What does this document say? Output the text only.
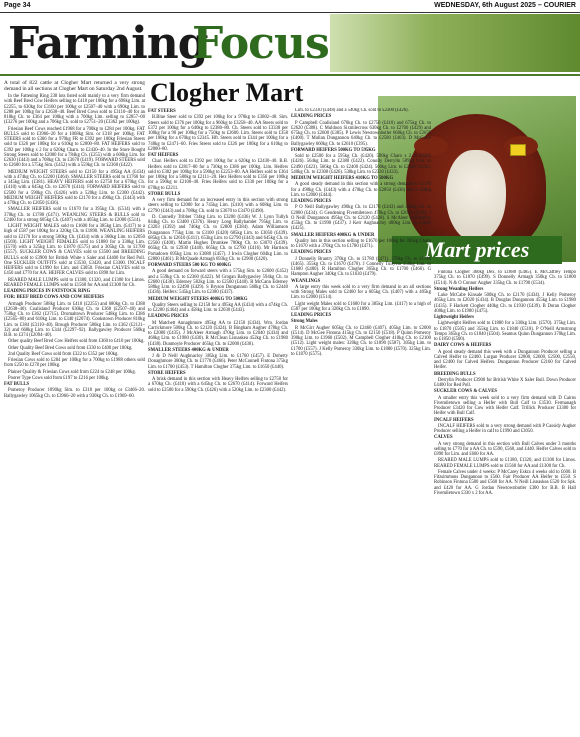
Page 34	WEDNESDAY, 6th August 2025 – COURIER
Farming
Focus
Clogher Mart
Mart prices

A total of 822 cattle at Clogher Mart returned a very strong demand in all sections at Clogher Mart on Saturday 2nd August.

In the Fattening Ring 238 lots listed sold mainly to a very firm demand with Beef Bred Cow Heifers selling to £410 per 100kg for a 698kg Lim. at £2255, to 630kg for £3160 per 100kg or £2507–40 with a 690kg Lim. to £288 per 100kg for a £2638–40. Beef Bred Cows sold to £3110–40 for an 818kg Ch. to £364 per 100kg with a 700kg Lim. selling to £2857–00 (£3276 per 100kg and a 706kg Ch. sold to £2751–20 (£3362 per 100kg).

Friesian Beef Cows reached £1968 for a 700kg to £284 per 100kg. FAT BULLS sold to £3966–20 for a 1068kg Sim. or £318 per 100kg. FAT STEERS sold to £366 for a 970kg FR to £392 per 100kg Friesian Steers sold to £326 per 100kg for a 610kg to £2000–80. FAT HEIFERS sold to £392 per 100kg x 2 for a 620kg Charo. to £2430–40. In the Store Bought Strong Steers sold to £2000 for a 784kg Ch. (£255) with a 606kg Lim. for £2630 (£443) and a 708kg Ch. to £3670 (£419). FORWARD STEERS sold to £2600 for a 575kg Sim. (£452) with a 559kg Ch. to £2360 (£422).

MEDIUM WEIGHT STEERS sold to £2150 for a 495kg AA (£434) with a 474kg Ch. to £2200 (£464). SMALLER STEERS sold to £1760 for a 345kg Lim. (£381). HEAVY HEIFERS sold to £2750 for a 670kg Ch. (£410) with a 645kg Ch. to £2670 (£414). FORWARD HEIFERS sold to £2500 for a 590kg Ch. (£426) with a 520kg Lim. to £2300 (£442). MEDIUM WEIGHT HEIFERS sold to £2170 for a 490kg Ch. (£443) with a 470kg Ch. to £2050 (£436).

SMALLER HEIFERS sold to £1670 for a 395kg Ch. (£514) with a 370kg Ch. to £1780 (£471). WEANLING STEERS & BULLS sold to £2460 for a strong 605kg Ch. (£407) with a 405kg Lim. to £2000 (£514).

LIGHT WEIGHT MALES sold to £1600 for a 385kg Lim. (£417) to a high of £587 per 100kg for a 320kg Ch. to £1890. WEANLING HEIFERS sold to £2170 for a strong 500kg Ch. (£434) with a 360kg Lim. to £2050 (£569). LIGHT WEIGHT FEMALES sold to £1880 for a 330kg Lim. (£570) with a 325kg Lim. to £1870 (£575) and a 305kg Ch. to £1700 (£557). SUCKLER COWS & CALVES sold to £3500 and BREEDING BULLS sold to £3900 for British White x Saler and £4400 for Red Poll. One SUCKLER OUTFITS sold at £3530, £3420, and £3300. INCALF HEIFERS sold to £1990 for Lim. and £3050. Friesian CALVES sold to £450 and £770 for AA. HEIFER CALVES sold to £890 for Lim.

REARED MALE LUMPS sold to £1380, £1320, and £1300 for Limos. REARED FEMALE LUMPS sold to £1560 for AA and £1300 for Ch.

LEADING PRICES IN FATSTOCK RING

FOR: BEEF BRED COWS AND COW HEIFERS

Armagh Producer 588kg Lim. to £410 (£2255) and 680kg Ch. to £388 (£2638–40). Coalisland Producer 630kg Ch. to £368 (£2507–40) and 750kg Ch. to £362 (£2715). Dromaltown Producer 548kg Lim. to £386 (£2565–80) and 610kg Lim. to £340 (£2074). Cookstown Producer 810kg Lim. to £384 (£3110–40). Brough Producer 586kg Lim. to £362 (£2121–32) and 668kg Lim. to £344 (£2297–92). Ballygawley Producer 560kg B.B. to £374 (£2094–40).

Other quality Beef Bred Cow Heifers sold from £360 to £410 per 100kg.

Other Quality Beef Bred Cows sold from £330 to £400 per 100kg.

2nd Quality Beef Cows sold from £322 to £352 per 100kg.

Friesian Cows sold to £284 per 100kg for a 700kg to £1988 others sold from £250 to £278 per 100kg.

Plainer Quality & Friesian Cows sold from £224 to £248 per 100kg.

Poorer Type Cows sold from £197 to £216 per 100kg.

FAT BULLS

Pomeroy Producer 1090kg Sim. to £318 per 100kg or £3466–20. Ballygawley 1065kg Ch. to £3966–20 with a 930kg Ch. to £1969–60.

FAT STEERS

B.Blue Steer sold to £392 per 100kg for a 970kg to £3802–40. Sim. Steers sold to £376 per 100kg for a 960kg to £3258–40. AA Steers sold to £372 per 100kg for a 640kg to £2380–80. Ch. Steers sold to £3338 per 100kg for a 90 per 100kg for a 750kg to £2600. Lim. Steers sold to £358 per 100kg for a 670kg to £2345. Hfr. Steers sold to £344 per 100kg for a 748kg to £2471–60. Fries Steers sold to £326 per 100kg for a 610kg to £2000–80.

FAT HEIFERS

Char. Heifers sold to £392 per 100kg for a 620kg to £2430–40. B.B. Heifers sold to £2817–80 for a 730kg to £386 per 100kg. Lim. Heifers sold to £382 per 100kg for a 590kg to £2253–80. AA Heifers sold to £364 per 100kg for a 580kg to £2111–20. Hex Heifers sold to £356 per 100kg for a 590kg to £2100–40. Fries Heifers sold to £330 per 100kg for a 670kg to £2211.

STORE BULLS

A very firm demand for an increased entry in this section with strong steers selling to £2000 for a 745kg Lim. (£410) with a 608kg Lim. to £2790 (£443) and a 708kg Ch. sold to £3670 to £3470 (£490).

D. Connelly Tribbet 734kg Lim. to £3200 (£436) W. J. Lynn Tullyh 844kg Ch. to £3400 (£376). Henry Long Ballyhamlet 795kg Lim. to £3203 (£392) and 746kg Ch. to £2800 (£384). Adam Williamson Dungannon 775kg Lim. to £3100 (£420) 685kg Lim. to £3050 (£439). 685kg Ch. to £2610 (£411). 653kg Lim. to £2790 (£443) and 645kg Ch. to £2560 (£400). Martin Hughes Drumkee 700kg Ch. to £3070 (£439). 665kg Ch. to £2930 (£440). 665kg Ch. to £2760 (£416). Mr Harrison Portadown 695kg Lim. to £3080 (£457). J Irwin Clogher 604kg Lim. to £2800 (£461). B McQuade Armagh 693kg Ch. to £2900 (£420).

FORWARD STEERS 500 KG TO 600KG

A good demand on forward steers with a 575kg Sim. to £2600 (£452) and a 559kg Ch. to £2360 (£422). M Grogan Ballygawley 594kg Ch. to £2600 (£438). Ederney 582kg Lim. to £2560 (£440). R McCann Ederney 580kg Lim. to £2490 (£429). S Bryson Dungannon 560kg Ch. to £2440 (£436). Heifers: 545kg Lim. to £2380 (£437).

MEDIUM WEIGHT STEERS 400KG TO 500KG

Quality Steers selling to £2150 for a 495kg AA (£434) with a 474kg Ch. to £2200 (£464) and a 458kg Lim. to £2030 (£443).

LEADING PRICES

M Matchett Annaghmore 495kg AA to £2150 (£434). Wm. Jordan Carrickmore 500kg Ch. to £2120 (£424). B Bingham Augher 478kg Ch. to £2080 (£435). J McAleer Armagh 470kg Lim. to £2040 (£434) and 460kg Lim. to £1980 (£430). R McClean Lisnaskea 452kg Ch. to £1980 (£438). Dunmoyle Producer 465kg Ch. to £2000 (£430).

SMALLER STEERS 400KG & UNDER

J & D Neill Aughnacloy 385kg Lim. to £1760 (£457). E Doherty Donaghmore 380kg Ch. to £1770 (£466). Peter McConnell Fintona 375kg Lim. to £1700 (£453). T Hamilton Clogher 375kg Lim. to £1650 (£440).

STORE HEIFERS

A brisk demand in this section with Heavy Heifers selling to £2750 for a 670kg Ch. (£410) with a 645kg Ch. to £2670 (£414). Forward Heifers sold to £2500 for a 590kg Ch. (£426) with a 520kg Lim. to £2300 (£442).

Lim. to £2330 (£448) and a 540kg Ch. sold to £2300 (£426).

LEADING PRICES

P Campbell Coalisland 670kg Ch. to £2750 (£410) and 675kg Ch. to £2620 (£388). C Muldoon Sixmilecross 630kg Ch. to £2700 (£429) and 675kg Ch. to £2600 (£385). P Lewis Newtownbutler 668kg Ch. to £2670 (£400). T Mullan Dungannon 640kg Ch. to £2580 (£403). D McGuire Ballygawley 660kg Ch. to £2610 (£395).

FORWARD HEIFERS 500KG TO 595KG

Sold to £2500 for a 595kg Ch. (£420). 590kg Charo x 2 to £2500 (£426). 564kg Lim. to £2380 (£422). Conolly Derrylin 589kg Lim. to £2490 (£423). 566kg Ch. to £2400 (£424). 560kg Lim. to £2420 (£432). 540kg Ch. to £2300 (£426). 538kg Lim. to £2330 (£433).

MEDIUM WEIGHT HEIFERS 410KG TO 500KG

A good steady demand in this section with a strong demand to £2170 for a 490kg Ch. (£443) with a 470kg Ch. to £2050 (£436) and a 450kg Lim. to £2000 (£444).

LEADING PRICES

P O Neill Ballygawley 490kg Ch. to £2170 (£443) and 460kg Ch. to £2000 (£434). G Gendening Fivemiletown 470kg Ch. to £2050 (£436). J O Neill Dungannon 495kg Ch. to £2120 (£428). S McAleer Ballinderry 455kg Ch. to £1990 (£437). J Kerr Aughnacloy 480kg Lim. to £2040 (£425).

SMALLER HEIFERS 400KG & UNDER

Quality lots in this section selling to £1670 per 100kg for 395kg Charo to £1670 with a 370kg Ch. to £1780 (£471).

LEADING PRICES

J Donnelly Brantry 370kg Ch. to £1780 (£471). 370kg Ch. to £1720 (£465). 355kg Ch. to £1670 (£470). J Connelly Tullyvar 350kg Lim. to £1680 (£480). R Hamilton Clogher 365kg Ch. to £1700 (£466). G Hampton Augher 340kg Ch. to £1630 (£479).

WEANLINGS

A large entry this week sold to a very firm demand in an all sections with Strong Males sold to £2460 for a 605kg Ch. (£407) with a 405kg Lim. to £2000 (£514).

Light weight Males sold to £1600 for a 385kg Lim. (£417) to a high of £587 per 100kg for a 320kg Ch. to £1890.

LEADING PRICES

Strong Males

R McGirr Augher 605kg Ch. to £2460 (£407). 405kg Lim. to £2000 (£514). D McGee Fintona 415kg Ch. to £2150 (£518). P Quinn Pomeroy 390kg Lim. to £1960 (£502). M Campbell Clogher 410kg Ch. to £2100 (£512). Light weight males: 320kg Ch. to £1890 (£587). 305kg Lim. to £1700 (£557). J Kelly Pomeroy 330kg Lim. to £1880 (£570). 325kg Lim. to £1870 (£575).

Fintona Clogher 360kg Dex. to £1880 (£485). E McCaffrey Tempo 375kg Ch. to £1870 (£499). S Donnelly Armagh 350kg Ch. to £1800 (£514). N & O Connor Augher 335kg Ch. to £1790 (£534).

Strong Weanling Heifers

Luke McCabe Kinsale 500kg Ch. to £2170 (£434). J Kelly Pomeroy 465kg Lim. to £2020 (£434). B Douglas Dungannon 455kg Lim. to £1980 (£435). F Hackett Clogher 440kg Ch. to £1930 (£439). B Doran Clogher 400kg Lim. to £1900 (£475).

Lightweight Heifers

Lightweight Heifers sold to £1880 for a 330kg Lim. (£570). 375kg Lim. to £1870 (£505) and 355kg Lim. to £1840 (£518). P O'Neill Armstrong Tempo 365kg Ch. to £1840 (£504). Seamus Quinn Dungannon 370kg Lim. to £1850 (£500).

DAIRY COWS & HEIFERS

A good steady demand this week with a Dungannon Producer selling a Calved Heifer to £2400. Lurgan Producer £2800, £2600, £2500, £2550, and £2400 for Calved Heifers. Dungannon Producer £2160 for Calved Heifer.

BREEDING BULLS

Derrylin Producer £3900 for British White X Saler Bull. Down Producer £4400 for Red Poll.

SUCKLER COWS & CALVES

A smaller entry this week sold to a very firm demand with D Cairns Fivemiletown selling a Heifer with Bull Calf to £3530. Fermanagh Producer £3420 for Cow with Heifer Calf. Trillick Producer £3300 for Heifer with Bull Calf.

INCALF HEIFERS

INCALF HEIFERS sold to a very strong demand with P Cassidy Augher Producer selling a Heifer in calf to £1990 and £3050.

CALVES

A very strong demand in this section with Bull Calves under 3 months selling to £770 for a AA Ch. to £590, £560, and £440. Heifer Calves sold to £890 for Lim. and £660 for AA.

REARED MALE LUMPS sold to £1380, £1320, and £1300 for Limos. REARED FEMALE LUMPS sold to £1560 for AA and £1300 for Ch.

Female Calves under 4 weeks: P McCarey Eskra 4 weeks old to £600. B Fitzsimmons Dungannon to £560. Fair Producer AA Heifer to £550. S Robinson Fintona £580 and £560 for AA. N Neill Lisnaskea £520 for Spk. and £420 for AA. G Jordan Newtownbutler £300 for B.B. B Hall Fivemiletown £330 x 2 for AA.
